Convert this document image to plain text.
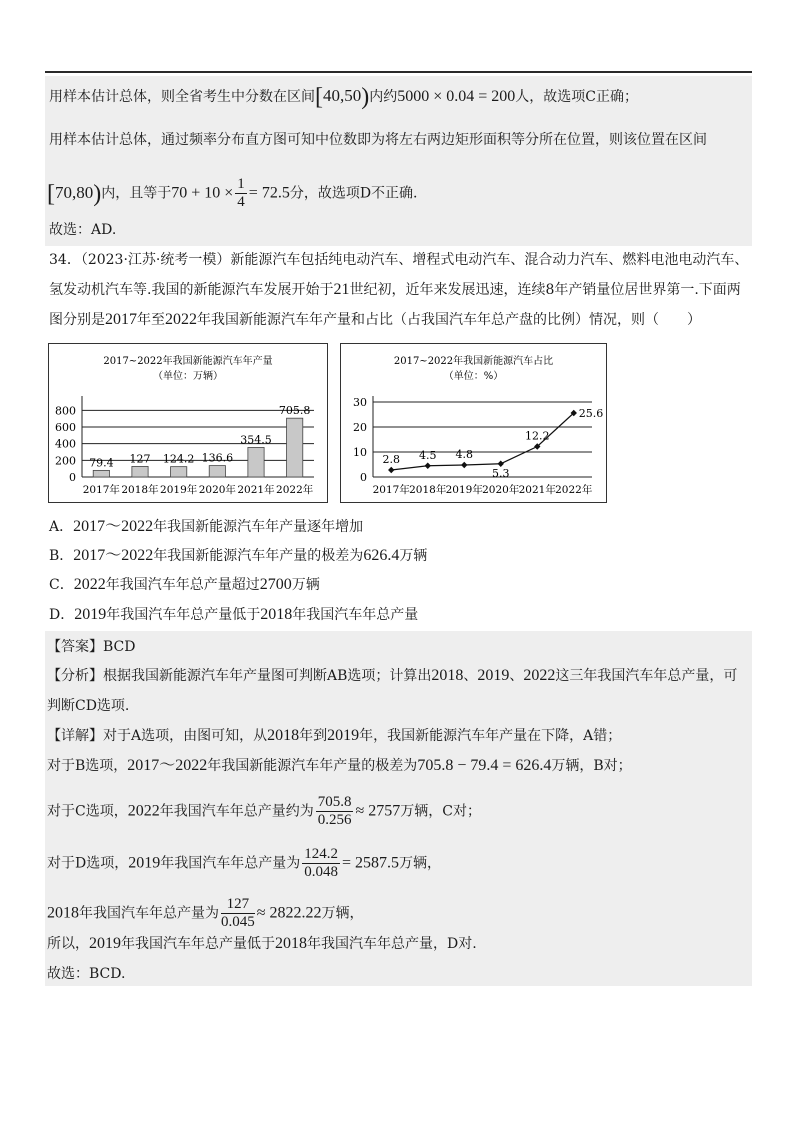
用样本估计总体，则全省考生中分数在区间[40,50)内约5000 × 0.04 = 200人，故选项C正确；
用样本估计总体，通过频率分布直方图可知中位数即为将左右两边矩形面积等分所在位置，则该位置在区间
[70,80)内，且等于$70 + 10 \times \frac{1}{4} = 72.5$分，故选项D不正确.
故选：AD.
34．（2023·江苏·统考一模）新能源汽车包括纯电动汽车、增程式电动汽车、混合动力汽车、燃料电池电动汽车、
氢发动机汽车等.我国的新能源汽车发展开始于21世纪初，近年来发展迅速，连续8年产销量位居世界第一.下面两
图分别是2017年至2022年我国新能源汽车年产量和占比（占我国汽车年总产盘的比例）情况，则（　　）
2017~2022年我国新能源汽车年产量
（单位：万辆）
0
200
400
600
800
2017年 2018年 2019年 2020年 2021年 2022年
79.4 127 124.2 136.6
354.5
705.8
2017~2022年我国新能源汽车占比
（单位：%）
0
10
20
30
2017年 2018年 2019年 2020年 2021年 2022年
2.8 4.5 4.8
5.3
12.2
25.6
A．2017～2022年我国新能源汽车年产量逐年增加
B．2017～2022年我国新能源汽车年产量的极差为626.4万辆
C．2022年我国汽车年总产量超过2700万辆
D．2019年我国汽车年总产量低于2018年我国汽车年总产量
【答案】BCD
【分析】根据我国新能源汽车年产量图可判断AB选项；计算出2018、2019、2022这三年我国汽车年总产量，可
判断CD选项.
【详解】对于A选项，由图可知，从2018年到2019年，我国新能源汽车年产量在下降，A错；
对于B选项，2017～2022年我国新能源汽车年产量的极差为705.8 − 79.4 = 626.4万辆，B对；
对于C选项，2022年我国汽车年总产量约为 $\frac{705.8}{0.256} \approx 2757$万辆，C对；
对于D选项，2019年我国汽车年总产量为 $\frac{124.2}{0.048} = 2587.5$万辆，
2018年我国汽车年总产量为 $\frac{127}{0.045} \approx 2822.22$万辆，
所以，2019年我国汽车年总产量低于2018年我国汽车年总产量，D对.
故选：BCD.
